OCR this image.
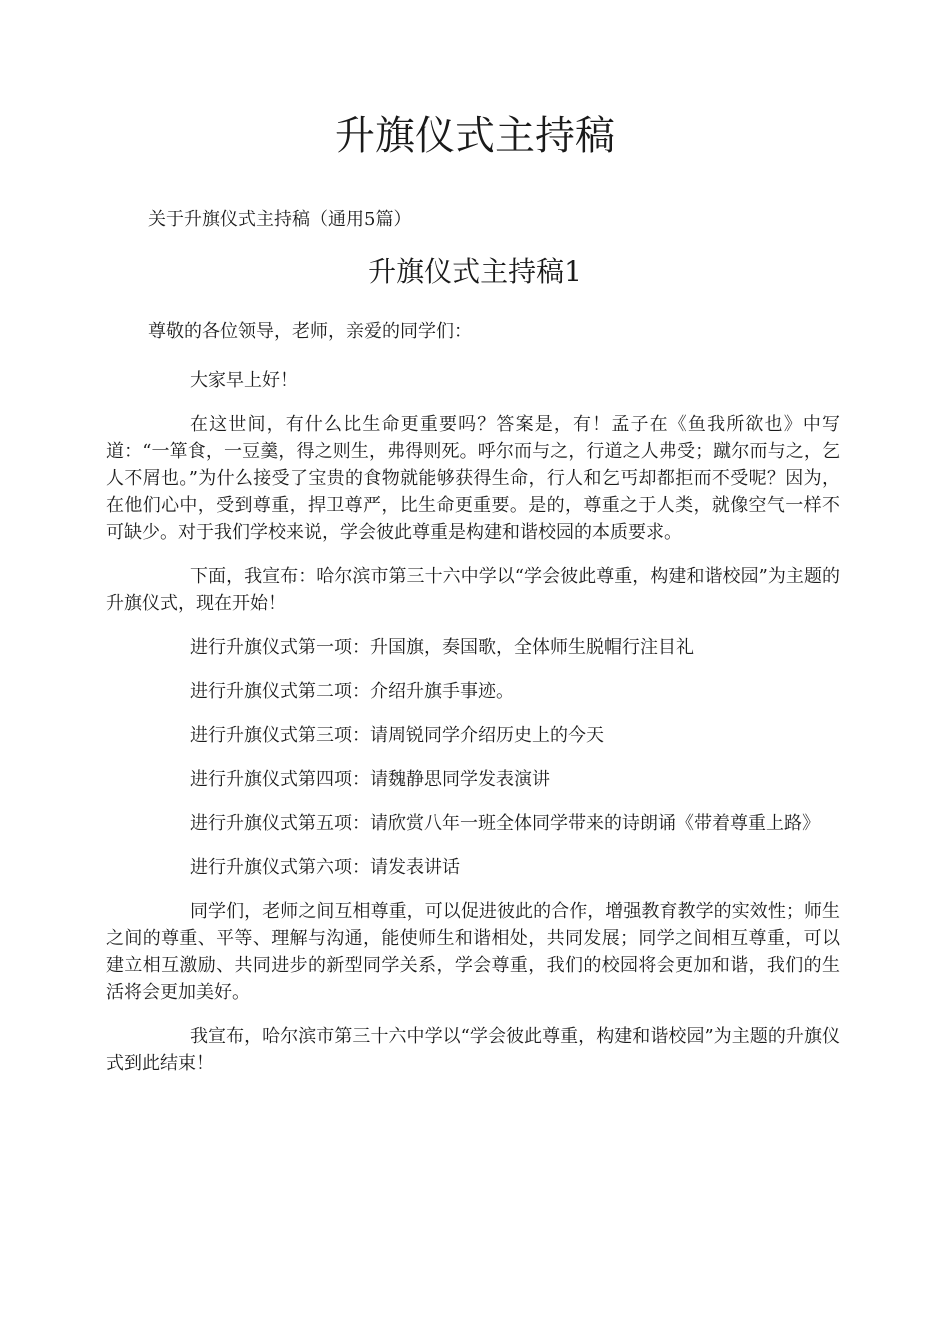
升旗仪式主持稿

关于升旗仪式主持稿（通用5篇）

升旗仪式主持稿1

尊敬的各位领导，老师，亲爱的同学们：

大家早上好！

在这世间，有什么比生命更重要吗？答案是，有！孟子在《鱼我所欲也》中写道：“一箪食，一豆羹，得之则生，弗得则死。呼尔而与之，行道之人弗受；蹴尔而与之，乞人不屑也。”为什么接受了宝贵的食物就能够获得生命，行人和乞丐却都拒而不受呢？因为，在他们心中，受到尊重，捍卫尊严，比生命更重要。是的，尊重之于人类，就像空气一样不可缺少。对于我们学校来说，学会彼此尊重是构建和谐校园的本质要求。

下面，我宣布：哈尔滨市第三十六中学以“学会彼此尊重，构建和谐校园”为主题的升旗仪式，现在开始！

进行升旗仪式第一项：升国旗，奏国歌，全体师生脱帽行注目礼

进行升旗仪式第二项：介绍升旗手事迹。

进行升旗仪式第三项：请周锐同学介绍历史上的今天

进行升旗仪式第四项：请魏静思同学发表演讲

进行升旗仪式第五项：请欣赏八年一班全体同学带来的诗朗诵《带着尊重上路》

进行升旗仪式第六项：请发表讲话

同学们，老师之间互相尊重，可以促进彼此的合作，增强教育教学的实效性；师生之间的尊重、平等、理解与沟通，能使师生和谐相处，共同发展；同学之间相互尊重，可以建立相互激励、共同进步的新型同学关系，学会尊重，我们的校园将会更加和谐，我们的生活将会更加美好。

我宣布，哈尔滨市第三十六中学以“学会彼此尊重，构建和谐校园”为主题的升旗仪式到此结束！
